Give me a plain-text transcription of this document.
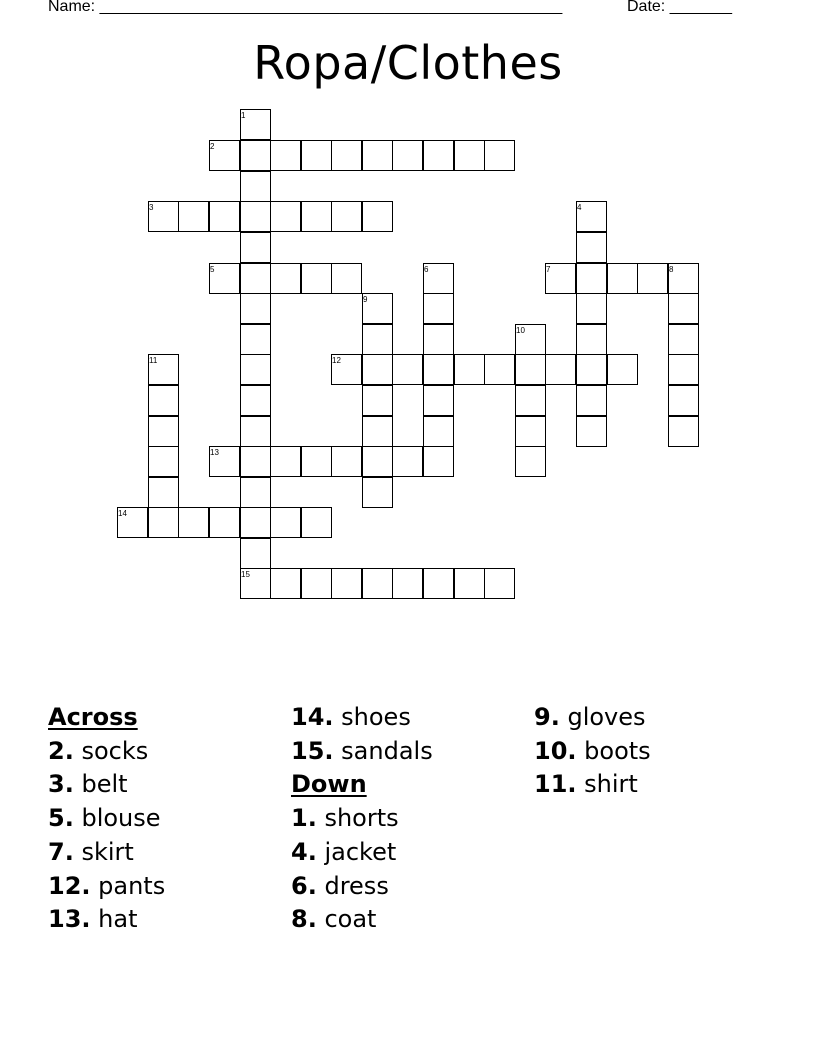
Name: ____________________________________________________	Date: _______
Ropa/Clothes
1
2
3	4
5	6	7	8
9
10
11	12
13
14
15
Across
2. socks
3. belt
5. blouse
7. skirt
12. pants
13. hat
14. shoes
15. sandals
Down
1. shorts
4. jacket
6. dress
8. coat
9. gloves
10. boots
11. shirt
